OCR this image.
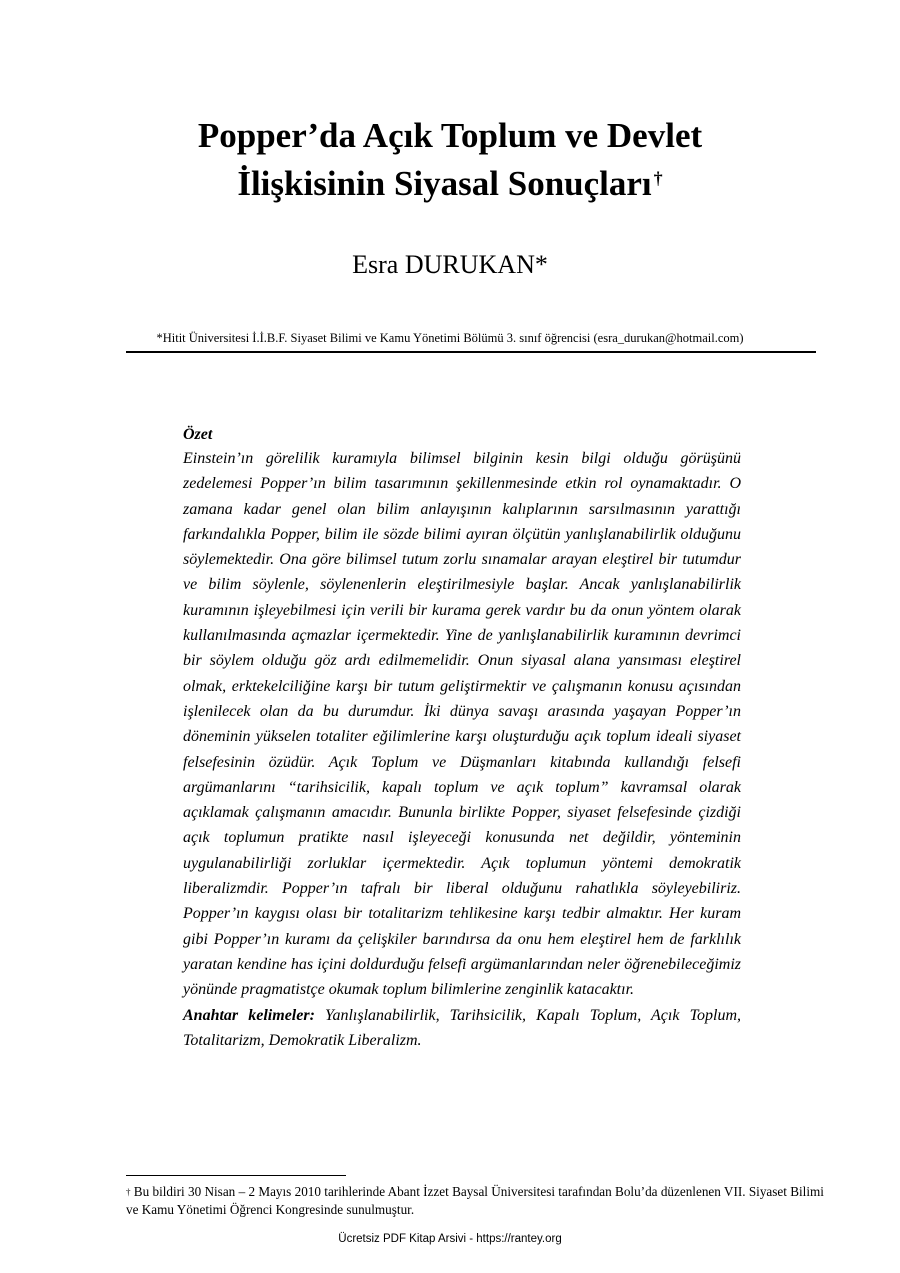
Popper’da Açık Toplum ve Devlet
İlişkisinin Siyasal Sonuçları †
Esra DURUKAN*
*Hitit Üniversitesi İ.İ.B.F. Siyaset Bilimi ve Kamu Yönetimi Bölümü 3. sınıf öğrencisi (esra_durukan@hotmail.com)
Özet

Einstein’ın görelilik kuramıyla bilimsel bilginin kesin bilgi olduğu görüşünü zedelemesi Popper’ın bilim tasarımının şekillenmesinde etkin rol oynamaktadır. O zamana kadar genel olan bilim anlayışının kalıplarının sarsılmasının yarattığı farkındalıkla Popper, bilim ile sözde bilimi ayıran ölçütün yanlışlanabilirlik olduğunu söylemektedir. Ona göre bilimsel tutum zorlu sınamalar arayan eleştirel bir tutumdur ve bilim söylenle, söylenenlerin eleştirilmesiyle başlar. Ancak yanlışlanabilirlik kuramının işleyebilmesi için verili bir kurama gerek vardır bu da onun yöntem olarak kullanılmasında açmazlar içermektedir. Yine de yanlışlanabilirlik kuramının devrimci bir söylem olduğu göz ardı edilmemelidir. Onun siyasal alana yansıması eleştirel olmak, erktekelciliğine karşı bir tutum geliştirmektir ve çalışmanın konusu açısından işlenilecek olan da bu durumdur. İki dünya savaşı arasında yaşayan Popper’ın döneminin yükselen totaliter eğilimlerine karşı oluşturduğu açık toplum ideali siyaset felsefesinin özüdür. Açık Toplum ve Düşmanları kitabında kullandığı felsefi argümanlarını “tarihsicilik, kapalı toplum ve açık toplum” kavramsal olarak açıklamak çalışmanın amacıdır. Bununla birlikte Popper, siyaset felsefesinde çizdiği açık toplumun pratikte nasıl işleyeceği konusunda net değildir, yönteminin uygulanabilirliği zorluklar içermektedir. Açık toplumun yöntemi demokratik liberalizmdir. Popper’ın tafralı bir liberal olduğunu rahatlıkla söyleyebiliriz. Popper’ın kaygısı olası bir totalitarizm tehlikesine karşı tedbir almaktır. Her kuram gibi Popper’ın kuramı da çelişkiler barındırsa da onu hem eleştirel hem de farklılık yaratan kendine has içini doldurduğu felsefi argümanlarından neler öğrenebileceğimiz yönünde pragmatistçe okumak toplum bilimlerine zenginlik katacaktır.

Anahtar kelimeler: Yanlışlanabilirlik, Tarihsicilik, Kapalı Toplum, Açık Toplum, Totalitarizm, Demokratik Liberalizm.

† Bu bildiri 30 Nisan – 2 Mayıs 2010 tarihlerinde Abant İzzet Baysal Üniversitesi tarafından Bolu’da düzenlenen VII. Siyaset Bilimi ve Kamu Yönetimi Öğrenci Kongresinde sunulmuştur.
Ücretsiz PDF Kitap Arsivi - https://rantey.org
